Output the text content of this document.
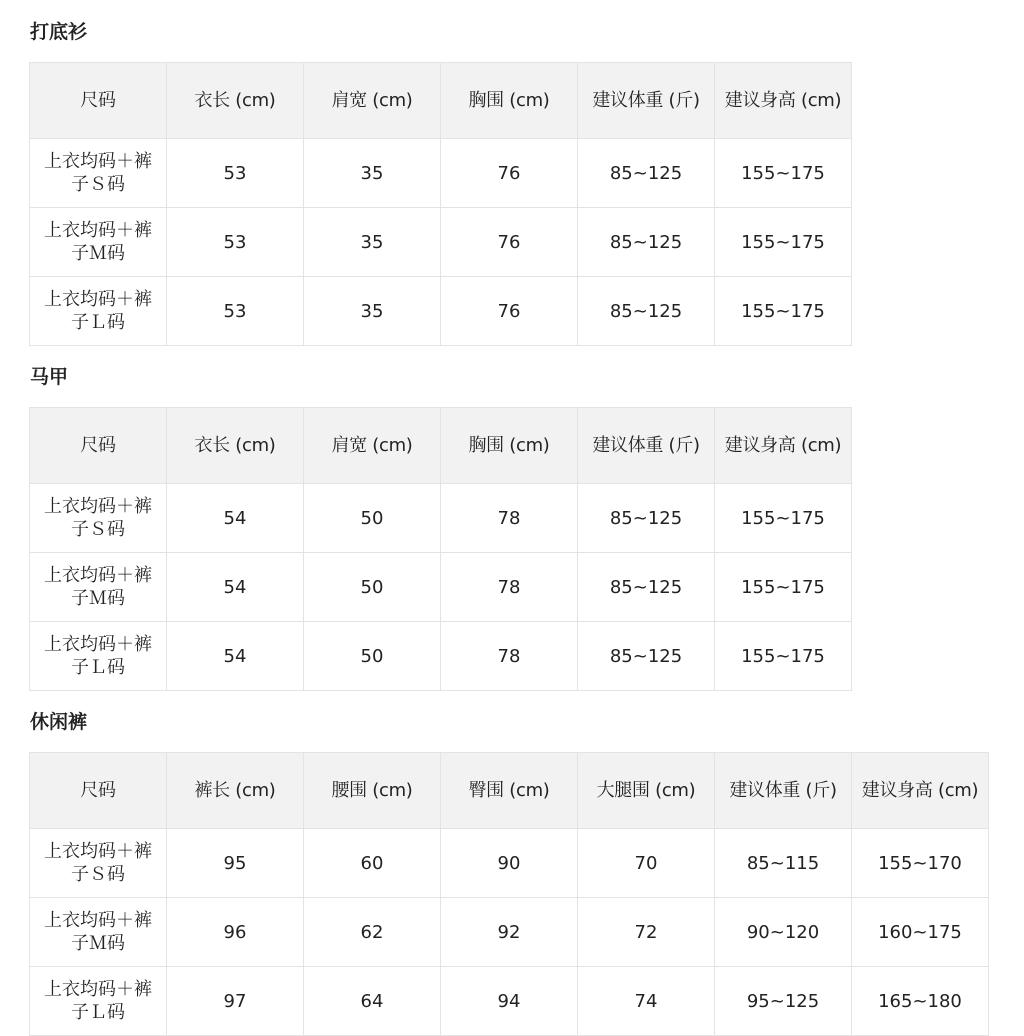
打底衫
尺码	衣长 (cm)	肩宽 (cm)	胸围 (cm)	建议体重 (斤)	建议身高 (cm)
上衣均码＋裤子Ｓ码	53	35	76	85~125	155~175
上衣均码＋裤子Ｍ码	53	35	76	85~125	155~175
上衣均码＋裤子Ｌ码	53	35	76	85~125	155~175
马甲
尺码	衣长 (cm)	肩宽 (cm)	胸围 (cm)	建议体重 (斤)	建议身高 (cm)
上衣均码＋裤子Ｓ码	54	50	78	85~125	155~175
上衣均码＋裤子Ｍ码	54	50	78	85~125	155~175
上衣均码＋裤子Ｌ码	54	50	78	85~125	155~175
休闲裤
尺码	裤长 (cm)	腰围 (cm)	臀围 (cm)	大腿围 (cm)	建议体重 (斤)	建议身高 (cm)
上衣均码＋裤子Ｓ码	95	60	90	70	85~115	155~170
上衣均码＋裤子Ｍ码	96	62	92	72	90~120	160~175
上衣均码＋裤子Ｌ码	97	64	94	74	95~125	165~180
